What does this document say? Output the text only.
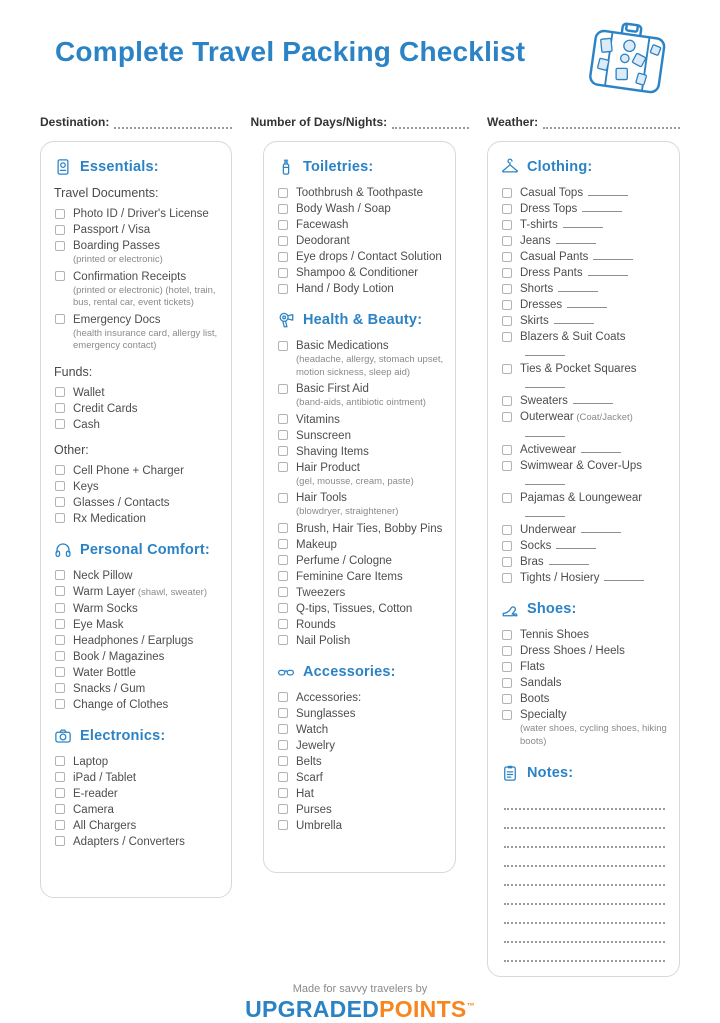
Complete Travel Packing Checklist
Destination:	Number of Days/Nights:	Weather:
Essentials:
Travel Documents:
Photo ID / Driver's License
Passport / Visa
Boarding Passes
(printed or electronic)
Confirmation Receipts
(printed or electronic) (hotel, train, bus, rental car, event tickets)
Emergency Docs
(health insurance card, allergy list, emergency contact)
Funds:
Wallet
Credit Cards
Cash
Other:
Cell Phone + Charger
Keys
Glasses / Contacts
Rx Medication
Personal Comfort:
Neck Pillow
Warm Layer (shawl, sweater)
Warm Socks
Eye Mask
Headphones / Earplugs
Book / Magazines
Water Bottle
Snacks / Gum
Change of Clothes
Electronics:
Laptop
iPad / Tablet
E-reader
Camera
All Chargers
Adapters / Converters
Toiletries:
Toothbrush & Toothpaste
Body Wash / Soap
Facewash
Deodorant
Eye drops / Contact Solution
Shampoo & Conditioner
Hand / Body Lotion
Health & Beauty:
Basic Medications
(headache, allergy, stomach upset, motion sickness, sleep aid)
Basic First Aid
(band-aids, antibiotic ointment)
Vitamins
Sunscreen
Shaving Items
Hair Product
(gel, mousse, cream, paste)
Hair Tools
(blowdryer, straightener)
Brush, Hair Ties, Bobby Pins
Makeup
Perfume / Cologne
Feminine Care Items
Tweezers
Q-tips, Tissues, Cotton
Rounds
Nail Polish
Accessories:
Accessories:
Sunglasses
Watch
Jewelry
Belts
Scarf
Hat
Purses
Umbrella
Clothing:
Casual Tops
Dress Tops
T-shirts
Jeans
Casual Pants
Dress Pants
Shorts
Dresses
Skirts
Blazers & Suit Coats
Ties & Pocket Squares
Sweaters
Outerwear (Coat/Jacket)
Activewear
Swimwear & Cover-Ups
Pajamas & Loungewear
Underwear
Socks
Bras
Tights / Hosiery
Shoes:
Tennis Shoes
Dress Shoes / Heels
Flats
Sandals
Boots
Specialty
(water shoes, cycling shoes, hiking boots)
Notes:
Made for savvy travelers by
UPGRADEDPOINTS™
